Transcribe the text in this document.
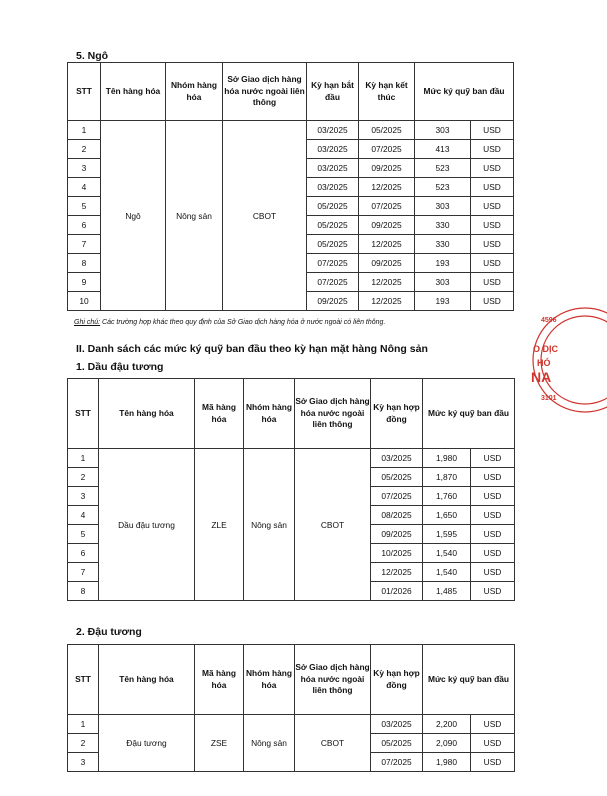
5. Ngô
STT	Tên hàng hóa	Nhóm hàng hóa	Sở Giao dịch hàng hóa nước ngoài liên thông	Kỳ hạn bắt đầu	Kỳ hạn kết thúc	Mức ký quỹ ban đầu	
1	Ngô	Nông sản	CBOT	03/2025	05/2025	303	USD
2				03/2025	07/2025	413	USD
3				03/2025	09/2025	523	USD
4				03/2025	12/2025	523	USD
5				05/2025	07/2025	303	USD
6				05/2025	09/2025	330	USD
7				05/2025	12/2025	330	USD
8				07/2025	09/2025	193	USD
9				07/2025	12/2025	303	USD
10				09/2025	12/2025	193	USD
Ghi chú: Các trường hợp khác theo quy định của Sở Giao dịch hàng hóa ở nước ngoài có liên thông.
II. Danh sách các mức ký quỹ ban đầu theo kỳ hạn mặt hàng Nông sản
1. Dầu đậu tương
STT	Tên hàng hóa	Mã hàng hóa	Nhóm hàng hóa	Sở Giao dịch hàng hóa nước ngoài liên thông	Kỳ hạn hợp đồng	Mức ký quỹ ban đầu	
1	Dầu đậu tương	ZLE	Nông sản	CBOT	03/2025	1,980	USD
2					05/2025	1,870	USD
3					07/2025	1,760	USD
4					08/2025	1,650	USD
5					09/2025	1,595	USD
6					10/2025	1,540	USD
7					12/2025	1,540	USD
8					01/2026	1,485	USD
2. Đậu tương
STT	Tên hàng hóa	Mã hàng hóa	Nhóm hàng hóa	Sở Giao dịch hàng hóa nước ngoài liên thông	Kỳ hạn hợp đồng	Mức ký quỹ ban đầu	
1	Đậu tương	ZSE	Nông sản	CBOT	03/2025	2,200	USD
2					05/2025	2,090	USD
3					07/2025	1,980	USD
4596
O DỊC
HÓ
NA
3101
